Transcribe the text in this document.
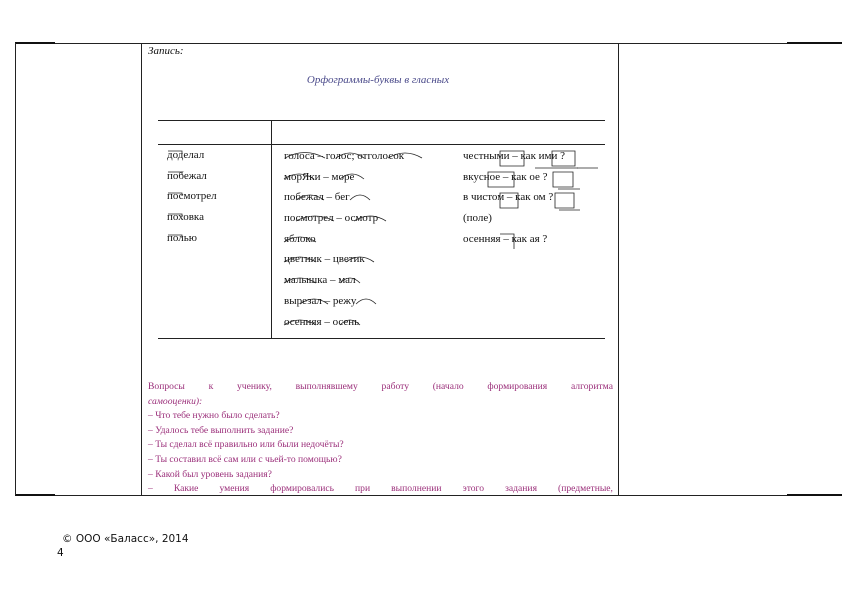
Запись:
Орфограммы-буквы в гласных
доделал
побежал
посмотрел
поховка
полью
голоса – голос; отголосок
морЯки – море
побежал – бег
посмотрел – осмотр
яблоко
цветник – цветик
малышка – мал
вырезал – режу
осенняя – осень
честными – как ими ?
вкусное – как ое ?
в чистом – как ом ?
(поле)
осенняя – как ая ?
Вопросы к ученику, выполнявшему работу (начало формирования алгоритма
самооценки):
– Что тебе нужно было сделать?
– Удалось тебе выполнить задание?
– Ты сделал всё правильно или были недочёты?
– Ты составил всё сам или с чьей-то помощью?
– Какой был уровень задания?
– Какие умения формировались при выполнении этого задания (предметные,
© ООО «Баласс», 2014
4
